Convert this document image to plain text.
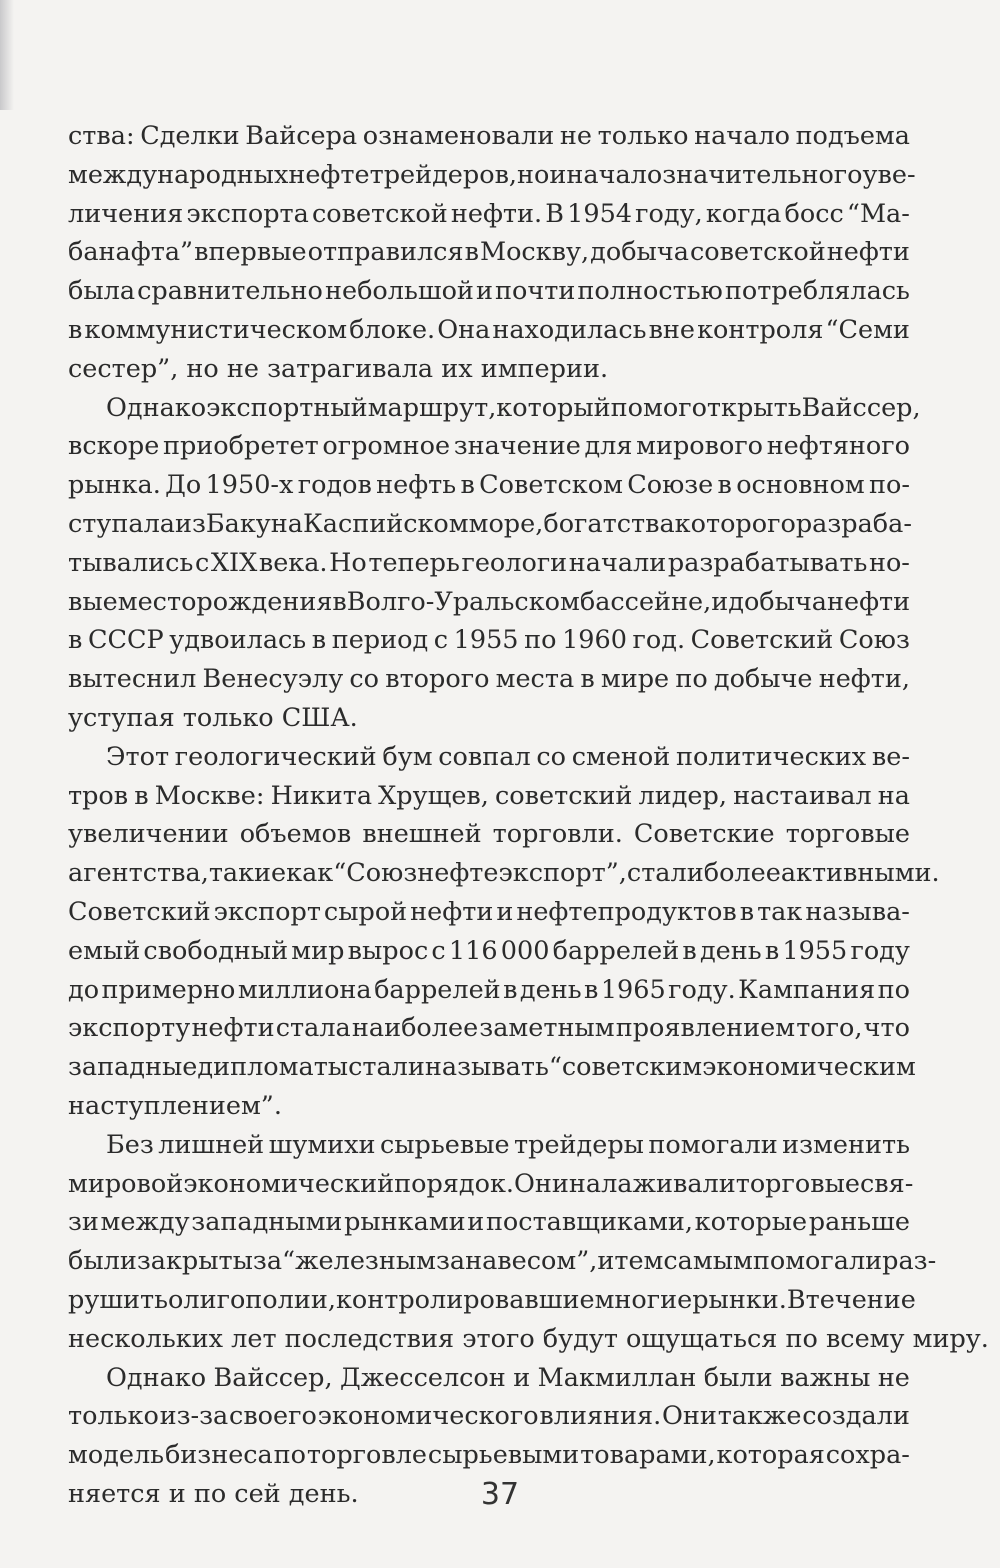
ства: Сделки Вайсера ознаменовали не только начало подъема
международных нефтетрейдеров, но и начало значительного уве-
личения экспорта советской нефти. В 1954 году, когда босс “Ма-
банафта” впервые отправился в Москву, добыча советской нефти
была сравнительно небольшой и почти полностью потреблялась
в коммунистическом блоке. Она находилась вне контроля “Семи
сестер”, но не затрагивала их империи.
Однако экспортный маршрут, который помог открыть Вайссер,
вскоре приобретет огромное значение для мирового нефтяного
рынка. До 1950-х годов нефть в Советском Союзе в основном по-
ступала из Баку на Каспийском море, богатства которого разраба-
тывались с XIX века. Но теперь геологи начали разрабатывать но-
вые месторождения в Волго-Уральском бассейне, и добыча нефти
в СССР удвоилась в период с 1955 по 1960 год. Советский Союз
вытеснил Венесуэлу со второго места в мире по добыче нефти,
уступая только США.
Этот геологический бум совпал со сменой политических ве-
тров в Москве: Никита Хрущев, советский лидер, настаивал на
увеличении объемов внешней торговли. Советские торговые
агентства, такие как “Союзнефтеэкспорт”, стали более активными.
Советский экспорт сырой нефти и нефтепродуктов в так называ-
емый свободный мир вырос с 116 000 баррелей в день в 1955 году
до примерно миллиона баррелей в день в 1965 году. Кампания по
экспорту нефти стала наиболее заметным проявлением того, что
западные дипломаты стали называть “советским экономическим
наступлением”.
Без лишней шумихи сырьевые трейдеры помогали изменить
мировой экономический порядок. Они налаживали торговые свя-
зи между западными рынками и поставщиками, которые раньше
были закрыты за “железным занавесом”, и тем самым помогали раз-
рушить олигополии, контролировавшие многие рынки. В течение
нескольких лет последствия этого будут ощущаться по всему миру.
Однако Вайссер, Джесселсон и Макмиллан были важны не
только из-за своего экономического влияния. Они также создали
модель бизнеса по торговле сырьевыми товарами, которая сохра-
няется и по сей день.	37
